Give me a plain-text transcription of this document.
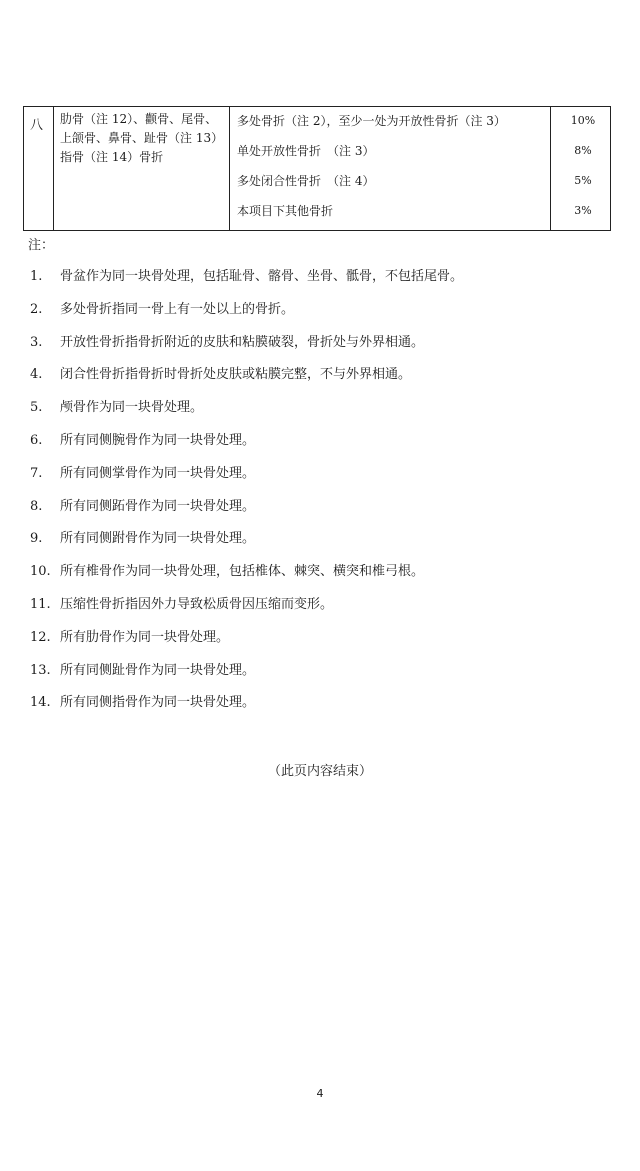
八 肋骨（注 12）、颧骨、尾骨、
上颌骨、鼻骨、趾骨（注 13）
指骨（注 14）骨折
多处骨折（注 2），至少一处为开放性骨折（注 3）
单处开放性骨折　（注 3）
多处闭合性骨折　（注 4）
本项目下其他骨折
10%
8%
5%
3%
注：
1. 骨盆作为同一块骨处理，包括耻骨、髂骨、坐骨、骶骨，不包括尾骨。
2. 多处骨折指同一骨上有一处以上的骨折。
3. 开放性骨折指骨折附近的皮肤和粘膜破裂，骨折处与外界相通。
4. 闭合性骨折指骨折时骨折处皮肤或粘膜完整，不与外界相通。
5. 颅骨作为同一块骨处理。
6. 所有同侧腕骨作为同一块骨处理。
7. 所有同侧掌骨作为同一块骨处理。
8. 所有同侧跖骨作为同一块骨处理。
9. 所有同侧跗骨作为同一块骨处理。
10. 所有椎骨作为同一块骨处理，包括椎体、棘突、横突和椎弓根。
11. 压缩性骨折指因外力导致松质骨因压缩而变形。
12. 所有肋骨作为同一块骨处理。
13. 所有同侧趾骨作为同一块骨处理。
14. 所有同侧指骨作为同一块骨处理。
（此页内容结束）
4
